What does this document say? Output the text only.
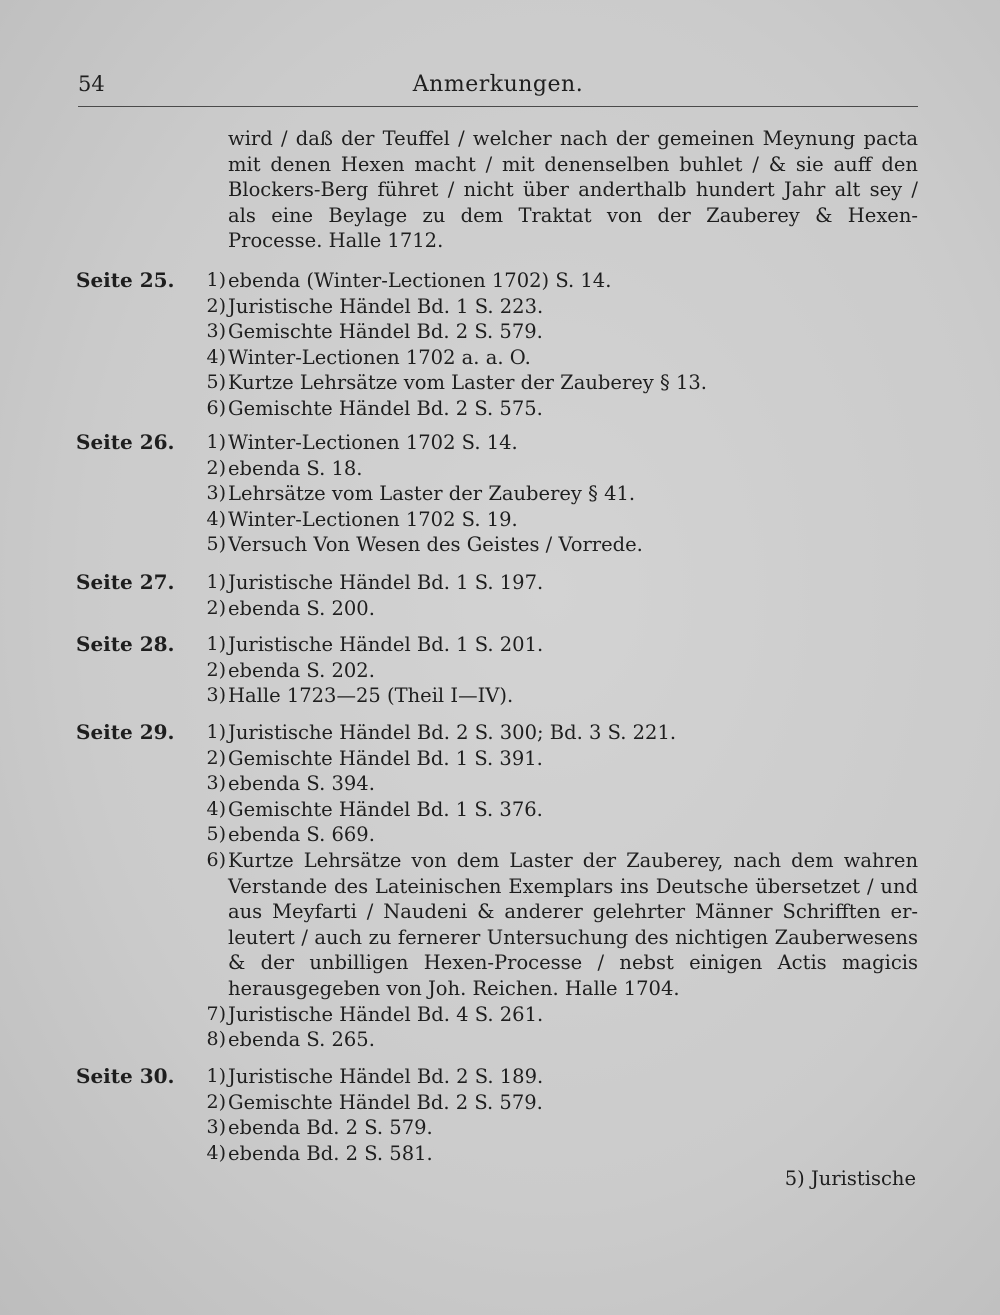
54	Anmerkungen.
wird / daß der Teuffel / welcher nach der gemeinen Meynung pacta
mit denen Hexen macht / mit denenselben buhlet / & sie auff den
Blockers-Berg führet / nicht über anderthalb hundert Jahr alt sey /
als eine Beylage zu dem Traktat von der Zauberey & Hexen-
Processe. Halle 1712.
Seite 25.	1) ebenda (Winter-Lectionen 1702) S. 14.
2) Juristische Händel Bd. 1 S. 223.
3) Gemischte Händel Bd. 2 S. 579.
4) Winter-Lectionen 1702 a. a. O.
5) Kurtze Lehrsätze vom Laster der Zauberey § 13.
6) Gemischte Händel Bd. 2 S. 575.
Seite 26.	1) Winter-Lectionen 1702 S. 14.
2) ebenda S. 18.
3) Lehrsätze vom Laster der Zauberey § 41.
4) Winter-Lectionen 1702 S. 19.
5) Versuch Von Wesen des Geistes / Vorrede.
Seite 27.	1) Juristische Händel Bd. 1 S. 197.
2) ebenda S. 200.
Seite 28.	1) Juristische Händel Bd. 1 S. 201.
2) ebenda S. 202.
3) Halle 1723—25 (Theil I—IV).
Seite 29.	1) Juristische Händel Bd. 2 S. 300; Bd. 3 S. 221.
2) Gemischte Händel Bd. 1 S. 391.
3) ebenda S. 394.
4) Gemischte Händel Bd. 1 S. 376.
5) ebenda S. 669.
6) Kurtze Lehrsätze von dem Laster der Zauberey, nach dem wahren
Verstande des Lateinischen Exemplars ins Deutsche übersetzet / und
aus Meyfarti / Naudeni & anderer gelehrter Männer Schrifften er-
leutert / auch zu fernerer Untersuchung des nichtigen Zauberwesens
& der unbilligen Hexen-Processe / nebst einigen Actis magicis
herausgegeben von Joh. Reichen. Halle 1704.
7) Juristische Händel Bd. 4 S. 261.
8) ebenda S. 265.
Seite 30.	1) Juristische Händel Bd. 2 S. 189.
2) Gemischte Händel Bd. 2 S. 579.
3) ebenda Bd. 2 S. 579.
4) ebenda Bd. 2 S. 581.
5) Juristische
